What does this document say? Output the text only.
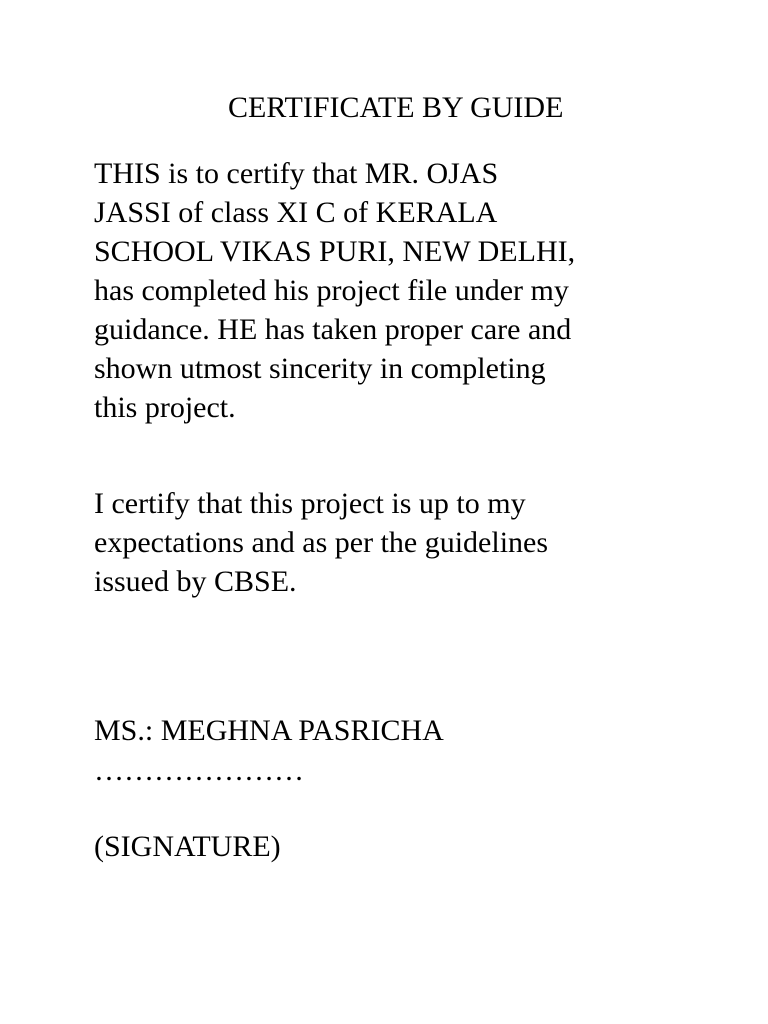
CERTIFICATE BY GUIDE

THIS is to certify that MR. OJAS
JASSI of class XI C of KERALA
SCHOOL VIKAS PURI, NEW DELHI,
has completed his project file under my
guidance. HE has taken proper care and
shown utmost sincerity in completing
this project.

I certify that this project is up to my
expectations and as per the guidelines
issued by CBSE.

MS.: MEGHNA PASRICHA

…………………

(SIGNATURE)
